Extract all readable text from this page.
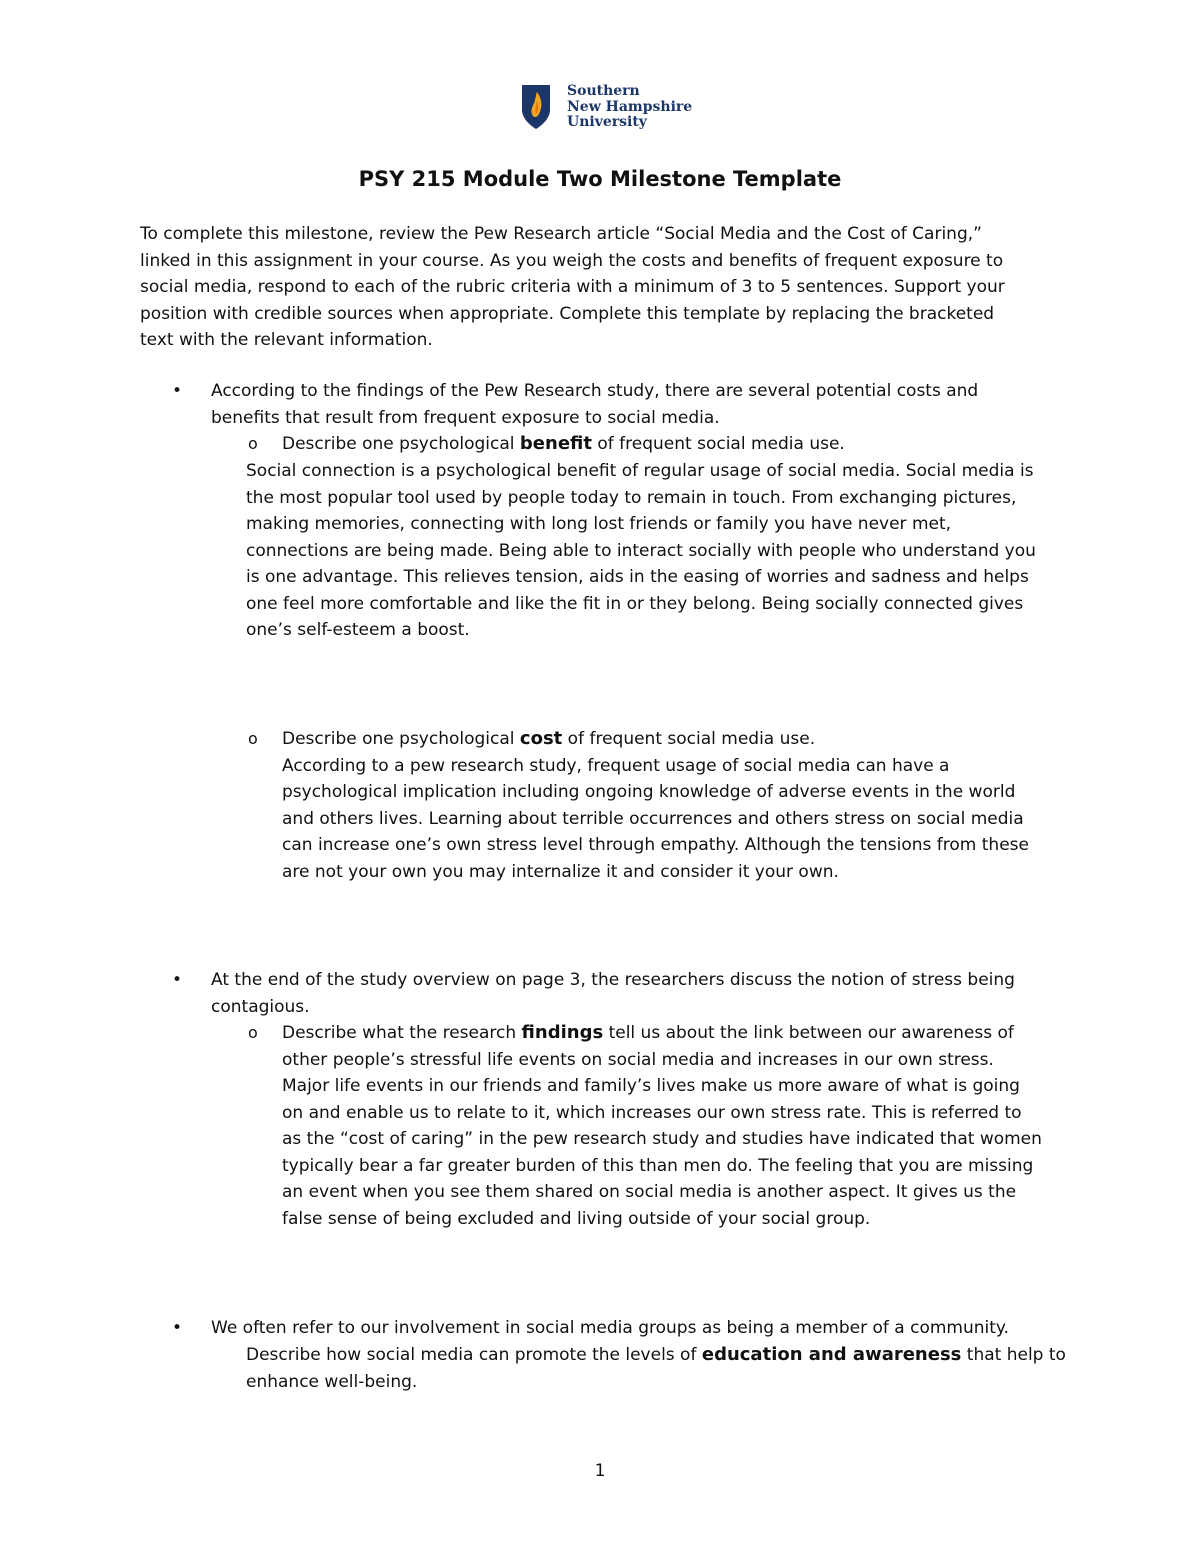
Southern
New Hampshire
University
PSY 215 Module Two Milestone Template
To complete this milestone, review the Pew Research article “Social Media and the Cost of Caring,”
linked in this assignment in your course. As you weigh the costs and benefits of frequent exposure to
social media, respond to each of the rubric criteria with a minimum of 3 to 5 sentences. Support your
position with credible sources when appropriate. Complete this template by replacing the bracketed
text with the relevant information.
• According to the findings of the Pew Research study, there are several potential costs and
benefits that result from frequent exposure to social media.
o Describe one psychological benefit of frequent social media use.
Social connection is a psychological benefit of regular usage of social media. Social media is
the most popular tool used by people today to remain in touch. From exchanging pictures,
making memories, connecting with long lost friends or family you have never met,
connections are being made. Being able to interact socially with people who understand you
is one advantage. This relieves tension, aids in the easing of worries and sadness and helps
one feel more comfortable and like the fit in or they belong. Being socially connected gives
one’s self-esteem a boost.
o Describe one psychological cost of frequent social media use.
According to a pew research study, frequent usage of social media can have a
psychological implication including ongoing knowledge of adverse events in the world
and others lives. Learning about terrible occurrences and others stress on social media
can increase one’s own stress level through empathy. Although the tensions from these
are not your own you may internalize it and consider it your own.
• At the end of the study overview on page 3, the researchers discuss the notion of stress being
contagious.
o Describe what the research findings tell us about the link between our awareness of
other people’s stressful life events on social media and increases in our own stress.
Major life events in our friends and family’s lives make us more aware of what is going
on and enable us to relate to it, which increases our own stress rate. This is referred to
as the “cost of caring” in the pew research study and studies have indicated that women
typically bear a far greater burden of this than men do. The feeling that you are missing
an event when you see them shared on social media is another aspect. It gives us the
false sense of being excluded and living outside of your social group.
• We often refer to our involvement in social media groups as being a member of a community.
Describe how social media can promote the levels of education and awareness that help to
enhance well-being.
1
